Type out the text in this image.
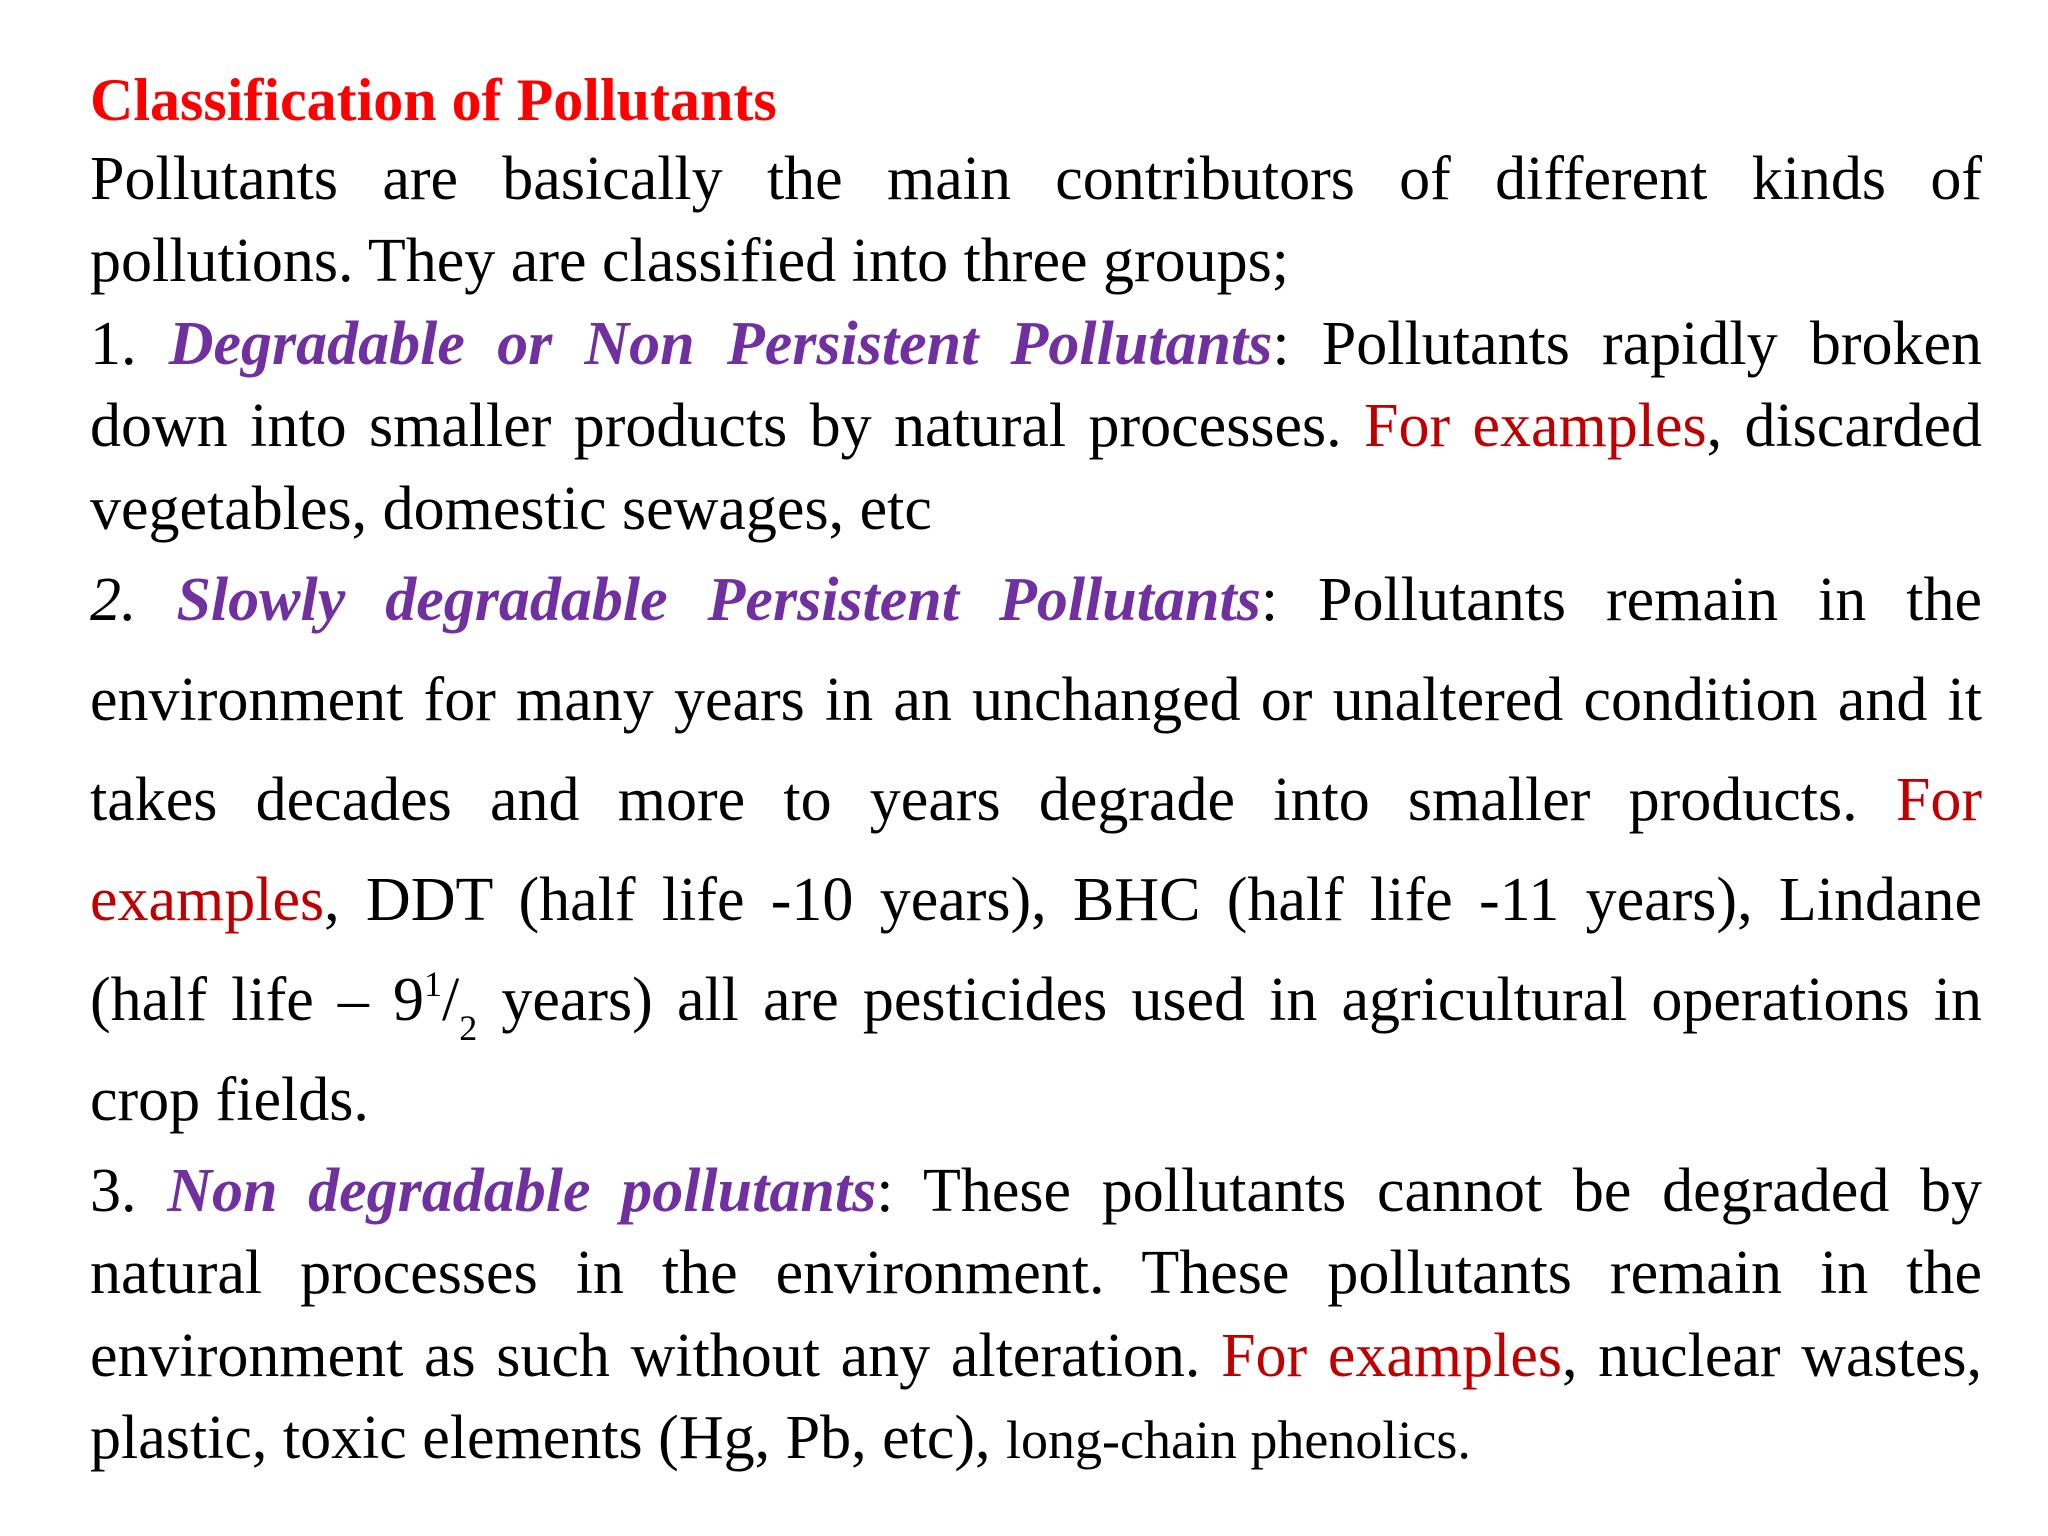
Classification of Pollutants

Pollutants are basically the main contributors of different kinds of pollutions. They are classified into three groups;

1. Degradable or Non Persistent Pollutants: Pollutants rapidly broken down into smaller products by natural processes. For examples, discarded vegetables, domestic sewages, etc

2. Slowly degradable Persistent Pollutants: Pollutants remain in the environment for many years in an unchanged or unaltered condition and it takes decades and more to years degrade into smaller products. For examples, DDT (half life -10 years), BHC (half life -11 years), Lindane (half life – $9^1/_2$ years) all are pesticides used in agricultural operations in crop fields.

3. Non degradable pollutants: These pollutants cannot be degraded by natural processes in the environment. These pollutants remain in the environment as such without any alteration. For examples, nuclear wastes, plastic, toxic elements (Hg, Pb, etc), long-chain phenolics.
